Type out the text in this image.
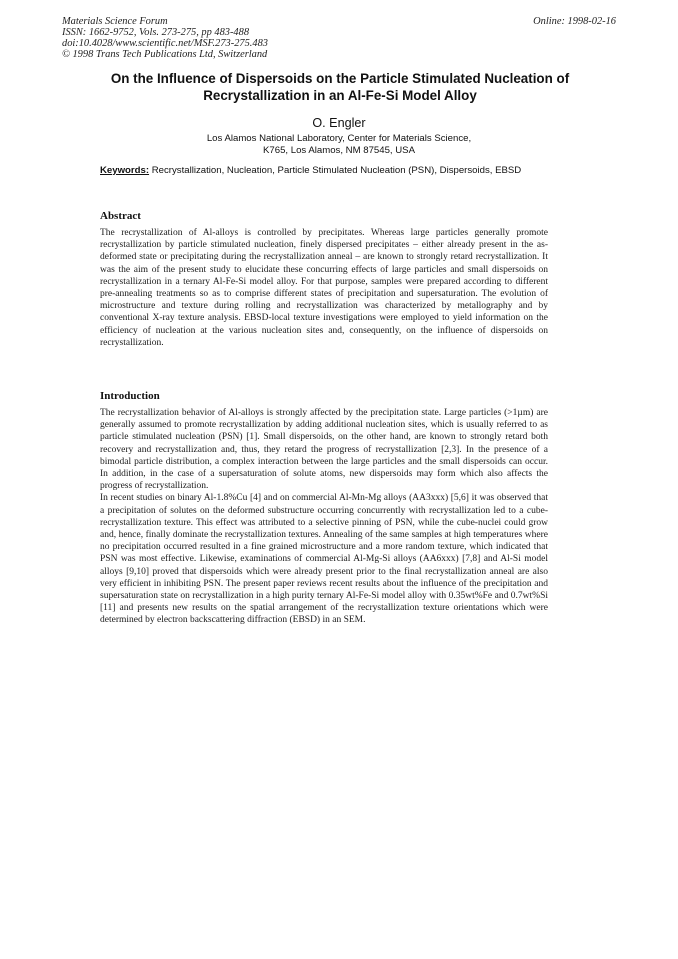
Materials Science Forum
ISSN: 1662-9752, Vols. 273-275, pp 483-488
doi:10.4028/www.scientific.net/MSF.273-275.483
© 1998 Trans Tech Publications Ltd, Switzerland
Online: 1998-02-16
On the Influence of Dispersoids on the Particle Stimulated Nucleation of
Recrystallization in an Al-Fe-Si Model Alloy
O. Engler
Los Alamos National Laboratory, Center for Materials Science,
K765, Los Alamos, NM 87545, USA
Keywords: Recrystallization, Nucleation, Particle Stimulated Nucleation (PSN), Dispersoids, EBSD
Abstract

The recrystallization of Al-alloys is controlled by precipitates. Whereas large particles generally promote recrystallization by particle stimulated nucleation, finely dispersed precipitates – either already present in the as-deformed state or precipitating during the recrystallization anneal – are known to strongly retard recrystallization. It was the aim of the present study to elucidate these concurring effects of large particles and small dispersoids on recrystallization in a ternary Al-Fe-Si model alloy. For that purpose, samples were prepared according to different pre-annealing treatments so as to comprise different states of precipitation and supersaturation. The evolution of microstructure and texture during rolling and recrystallization was characterized by metallography and by conventional X-ray texture analysis. EBSD-local texture investigations were employed to yield information on the efficiency of nucleation at the various nucleation sites and, consequently, on the influence of dispersoids on recrystallization.

Introduction

The recrystallization behavior of Al-alloys is strongly affected by the precipitation state. Large particles (>1µm) are generally assumed to promote recrystallization by adding additional nucleation sites, which is usually referred to as particle stimulated nucleation (PSN) [1]. Small dispersoids, on the other hand, are known to strongly retard both recovery and recrystallization and, thus, they retard the progress of recrystallization [2,3]. In the presence of a bimodal particle distribution, a complex interaction between the large particles and the small dispersoids can occur. In addition, in the case of a supersaturation of solute atoms, new dispersoids may form which also affects the progress of recrystallization.

In recent studies on binary Al-1.8%Cu [4] and on commercial Al-Mn-Mg alloys (AA3xxx) [5,6] it was observed that a precipitation of solutes on the deformed substructure occurring concurrently with recrystallization led to a cube-recrystallization texture. This effect was attributed to a selective pinning of PSN, while the cube-nuclei could grow and, hence, finally dominate the recrystallization textures. Annealing of the same samples at high temperatures where no precipitation occurred resulted in a fine grained microstructure and a more random texture, which indicated that PSN was most effective. Likewise, examinations of commercial Al-Mg-Si alloys (AA6xxx) [7,8] and Al-Si model alloys [9,10] proved that dispersoids which were already present prior to the final recrystallization anneal are also very efficient in inhibiting PSN. The present paper reviews recent results about the influence of the precipitation and supersaturation state on recrystallization in a high purity ternary Al-Fe-Si model alloy with 0.35wt%Fe and 0.7wt%Si [11] and presents new results on the spatial arrangement of the recrystallization texture orientations which were determined by electron backscattering diffraction (EBSD) in an SEM.
